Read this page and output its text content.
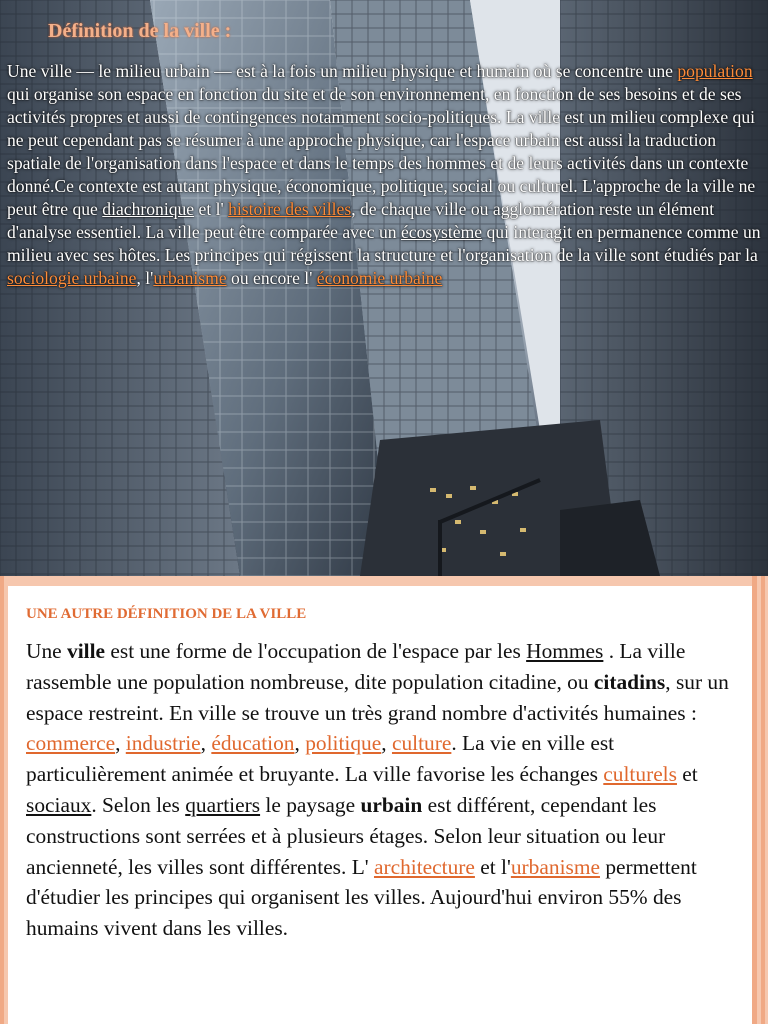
Définition de la ville :

Une ville — le milieu urbain — est à la fois un milieu physique et humain où se concentre une population qui organise son espace en fonction du site et de son environnement, en fonction de ses besoins et de ses activités propres et aussi de contingences notamment socio-politiques. La ville est un milieu complexe qui ne peut cependant pas se résumer à une approche physique, car l'espace urbain est aussi la traduction spatiale de l'organisation dans l'espace et dans le temps des hommes et de leurs activités dans un contexte donné.Ce contexte est autant physique, économique, politique, social ou culturel. L'approche de la ville ne peut être que diachronique et l' histoire des villes, de chaque ville ou agglomération reste un élément d'analyse essentiel. La ville peut être comparée avec un écosystème qui interagit en permanence comme un milieu avec ses hôtes. Les principes qui régissent la structure et l'organisation de la ville sont étudiés par la sociologie urbaine, l'urbanisme ou encore l' économie urbaine

UNE AUTRE DÉFINITION DE LA VILLE

Une ville est une forme de l'occupation de l'espace par les Hommes . La ville rassemble une population nombreuse, dite population citadine, ou citadins, sur un espace restreint. En ville se trouve un très grand nombre d'activités humaines : commerce, industrie, éducation, politique, culture. La vie en ville est particulièrement animée et bruyante. La ville favorise les échanges culturels et sociaux. Selon les quartiers le paysage urbain est différent, cependant les constructions sont serrées et à plusieurs étages. Selon leur situation ou leur ancienneté, les villes sont différentes. L' architecture et l'urbanisme permettent d'étudier les principes qui organisent les villes. Aujourd'hui environ 55% des humains vivent dans les villes.
